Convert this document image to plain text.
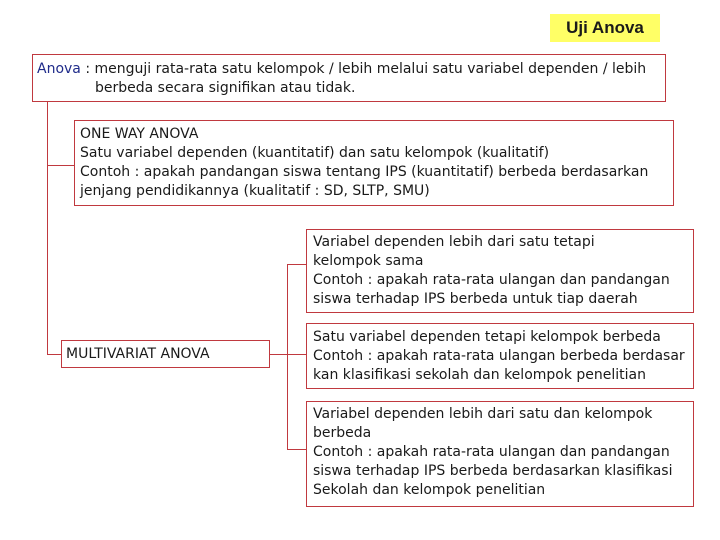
Uji Anova
Anova : menguji rata-rata satu kelompok / lebih melalui satu variabel dependen / lebih
berbeda secara signifikan atau tidak.
ONE WAY ANOVA
Satu variabel dependen (kuantitatif) dan satu kelompok (kualitatif)
Contoh : apakah pandangan siswa tentang IPS (kuantitatif) berbeda berdasarkan
jenjang pendidikannya (kualitatif : SD, SLTP, SMU)
MULTIVARIAT ANOVA
Variabel dependen lebih dari satu tetapi
kelompok sama
Contoh : apakah rata-rata ulangan dan pandangan
siswa terhadap IPS berbeda untuk tiap daerah
Satu variabel dependen tetapi kelompok berbeda
Contoh : apakah rata-rata ulangan berbeda berdasar
kan klasifikasi sekolah dan kelompok penelitian
Variabel dependen lebih dari satu dan kelompok
berbeda
Contoh : apakah rata-rata ulangan dan pandangan
siswa terhadap IPS berbeda berdasarkan klasifikasi
Sekolah dan kelompok penelitian
